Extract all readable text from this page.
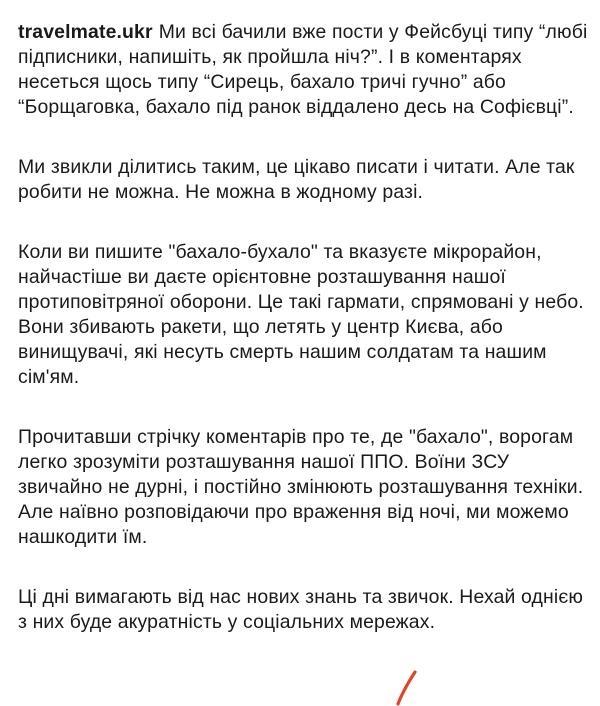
travelmate.ukr Ми всі бачили вже пости у Фейсбуці типу “любі підписники, напишіть, як пройшла ніч?”. І в коментарях несеться щось типу “Сирець, бахало тричі гучно” або “Борщаговка, бахало під ранок віддалено десь на Софієвці”.

Ми звикли ділитись таким, це цікаво писати і читати. Але так робити не можна. Не можна в жодному разі.

Коли ви пишите "бахало-бухало" та вказуєте мікрорайон, найчастіше ви даєте орієнтовне розташування нашої протиповітряної оборони. Це такі гармати, спрямовані у небо. Вони збивають ракети, що летять у центр Києва, або винищувачі, які несуть смерть нашим солдатам та нашим сім'ям.

Прочитавши стрічку коментарів про те, де "бахало", ворогам легко зрозуміти розташування нашої ППО. Воїни ЗСУ звичайно не дурні, і постійно змінюють розташування техніки. Але наївно розповідаючи про враження від ночі, ми можемо нашкодити їм.

Ці дні вимагають від нас нових знань та звичок. Нехай однією з них буде акуратність у соціальних мережах.
